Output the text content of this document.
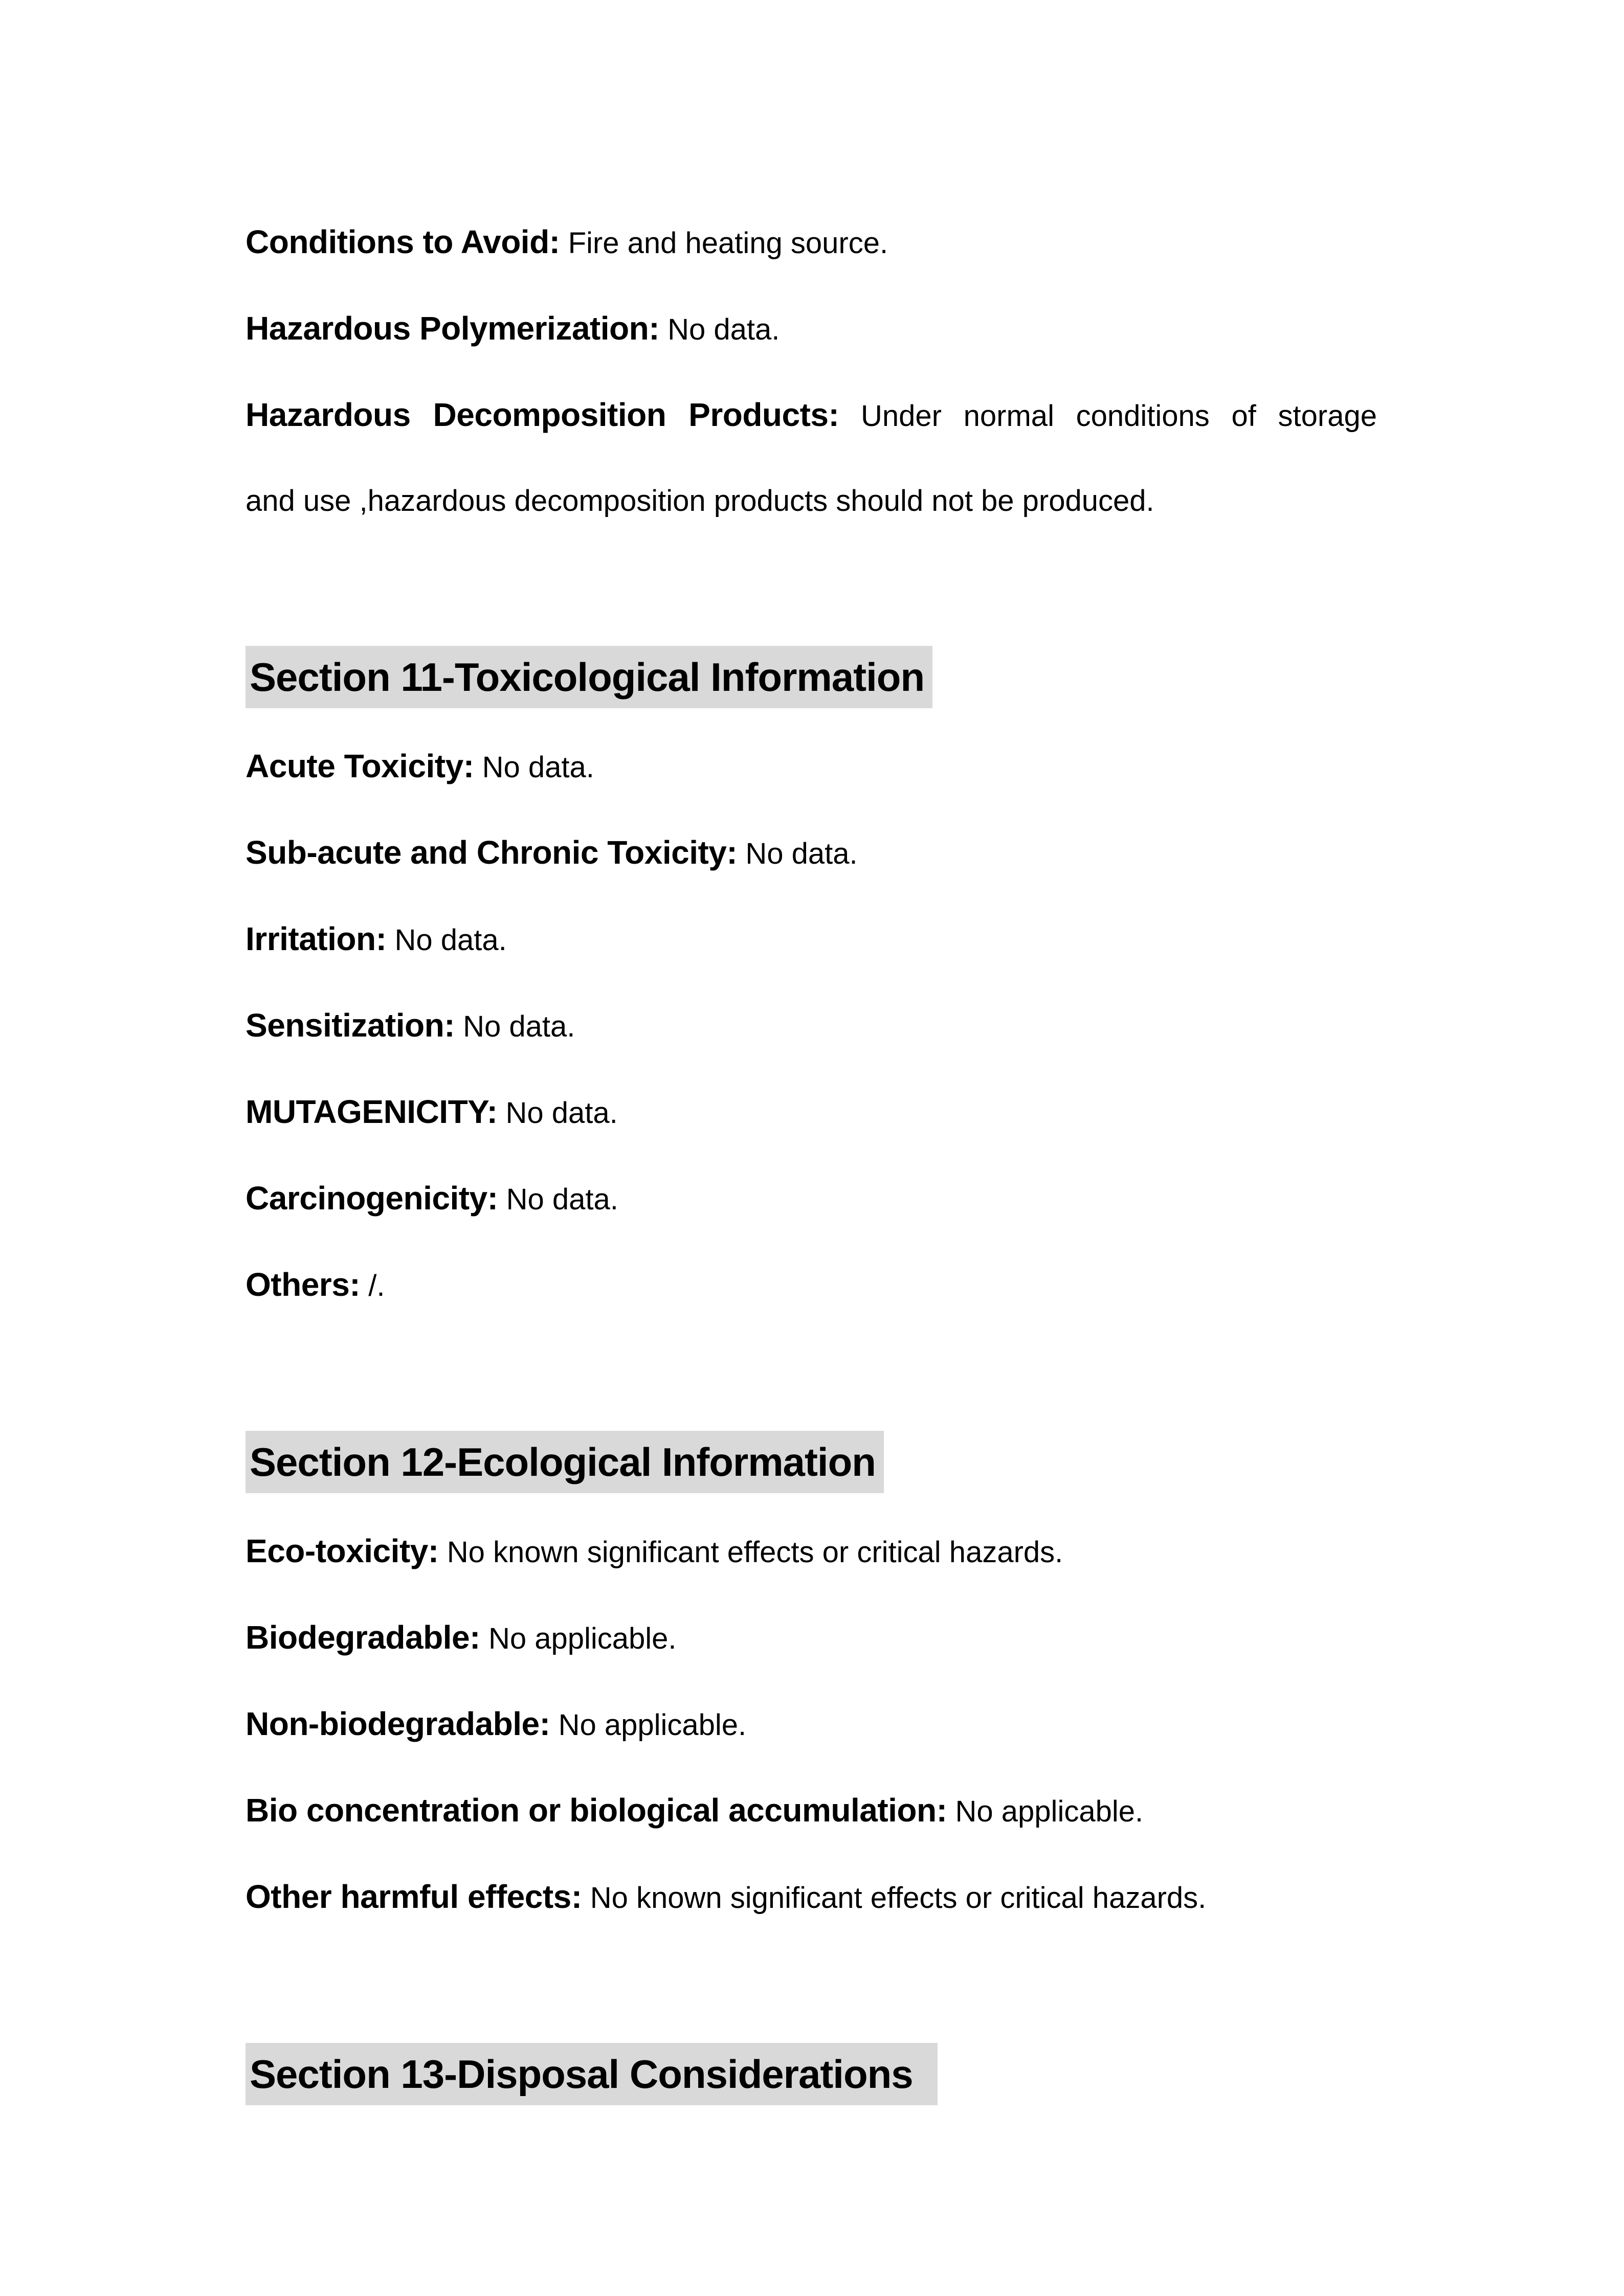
Conditions to Avoid: Fire and heating source.

Hazardous Polymerization: No data.

Hazardous Decomposition Products: Under normal conditions of storage

and use ,hazardous decomposition products should not be produced.

Section 11-Toxicological Information

Acute Toxicity: No data.

Sub-acute and Chronic Toxicity: No data.

Irritation: No data.

Sensitization: No data.

MUTAGENICITY: No data.

Carcinogenicity: No data.

Others: /.

Section 12-Ecological Information

Eco-toxicity: No known significant effects or critical hazards.

Biodegradable: No applicable.

Non-biodegradable: No applicable.

Bio concentration or biological accumulation: No applicable.

Other harmful effects: No known significant effects or critical hazards.

Section 13-Disposal Considerations
